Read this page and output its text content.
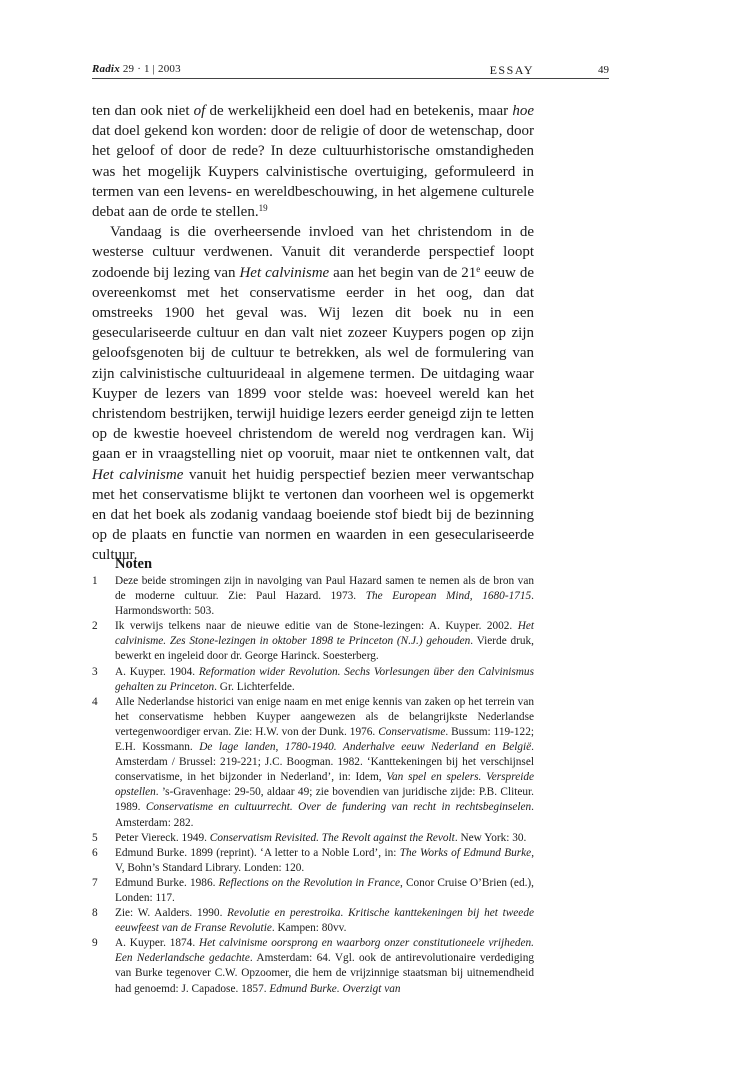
Radix 29 · 1 | 2003	ESSAY	49

ten dan ook niet of de werkelijkheid een doel had en betekenis, maar hoe dat doel gekend kon worden: door de religie of door de wetenschap, door het geloof of door de rede? In deze cultuurhistorische omstandigheden was het mogelijk Kuypers calvinistische overtuiging, geformuleerd in termen van een levens- en wereldbeschouwing, in het algemene culturele debat aan de orde te stellen.$^{19}$

Vandaag is die overheersende invloed van het christendom in de westerse cultuur verdwenen. Vanuit dit veranderde perspectief loopt zodoende bij lezing van Het calvinisme aan het begin van de 21e eeuw de overeenkomst met het conservatisme eerder in het oog, dan dat omstreeks 1900 het geval was. Wij lezen dit boek nu in een geseculariseerde cultuur en dan valt niet zozeer Kuypers pogen op zijn geloofsgenoten bij de cultuur te betrekken, als wel de formulering van zijn calvinistische cultuurideaal in algemene termen. De uitdaging waar Kuyper de lezers van 1899 voor stelde was: hoeveel wereld kan het christendom bestrijken, terwijl huidige lezers eerder geneigd zijn te letten op de kwestie hoeveel christendom de wereld nog verdragen kan. Wij gaan er in vraagstelling niet op vooruit, maar niet te ontkennen valt, dat Het calvinisme vanuit het huidig perspectief bezien meer verwantschap met het conservatisme blijkt te vertonen dan voorheen wel is opgemerkt en dat het boek als zodanig vandaag boeiende stof biedt bij de bezinning op de plaats en functie van normen en waarden in een geseculariseerde cultuur.

Noten
1 Deze beide stromingen zijn in navolging van Paul Hazard samen te nemen als de bron van de moderne cultuur. Zie: Paul Hazard. 1973. The European Mind, 1680-1715. Harmondsworth: 503.
2 Ik verwijs telkens naar de nieuwe editie van de Stone-lezingen: A. Kuyper. 2002. Het calvinisme. Zes Stone-lezingen in oktober 1898 te Princeton (N.J.) gehouden. Vierde druk, bewerkt en ingeleid door dr. George Harinck. Soesterberg.
3 A. Kuyper. 1904. Reformation wider Revolution. Sechs Vorlesungen über den Calvinismus gehalten zu Princeton. Gr. Lichterfelde.
4 Alle Nederlandse historici van enige naam en met enige kennis van zaken op het terrein van het conservatisme hebben Kuyper aangewezen als de belangrijkste Nederlandse vertegenwoordiger ervan. Zie: H.W. von der Dunk. 1976. Conservatisme. Bussum: 119-122; E.H. Kossmann. De lage landen, 1780-1940. Anderhalve eeuw Nederland en België. Amsterdam / Brussel: 219-221; J.C. Boogman. 1982. ‘Kanttekeningen bij het verschijnsel conservatisme, in het bijzonder in Nederland’, in: Idem, Van spel en spelers. Verspreide opstellen. ’s-Gravenhage: 29-50, aldaar 49; zie bovendien van juridische zijde: P.B. Cliteur. 1989. Conservatisme en cultuurrecht. Over de fundering van recht in rechtsbeginselen. Amsterdam: 282.
5 Peter Viereck. 1949. Conservatism Revisited. The Revolt against the Revolt. New York: 30.
6 Edmund Burke. 1899 (reprint). ‘A letter to a Noble Lord’, in: The Works of Edmund Burke, V, Bohn’s Standard Library. Londen: 120.
7 Edmund Burke. 1986. Reflections on the Revolution in France, Conor Cruise O’Brien (ed.), Londen: 117.
8 Zie: W. Aalders. 1990. Revolutie en perestroika. Kritische kanttekeningen bij het tweede eeuwfeest van de Franse Revolutie. Kampen: 80vv.
9 A. Kuyper. 1874. Het calvinisme oorsprong en waarborg onzer constitutioneele vrijheden. Een Nederlandsche gedachte. Amsterdam: 64. Vgl. ook de antirevolutionaire verdediging van Burke tegenover C.W. Opzoomer, die hem de vrijzinnige staatsman bij uitnemendheid had genoemd: J. Capadose. 1857. Edmund Burke. Overzigt van
